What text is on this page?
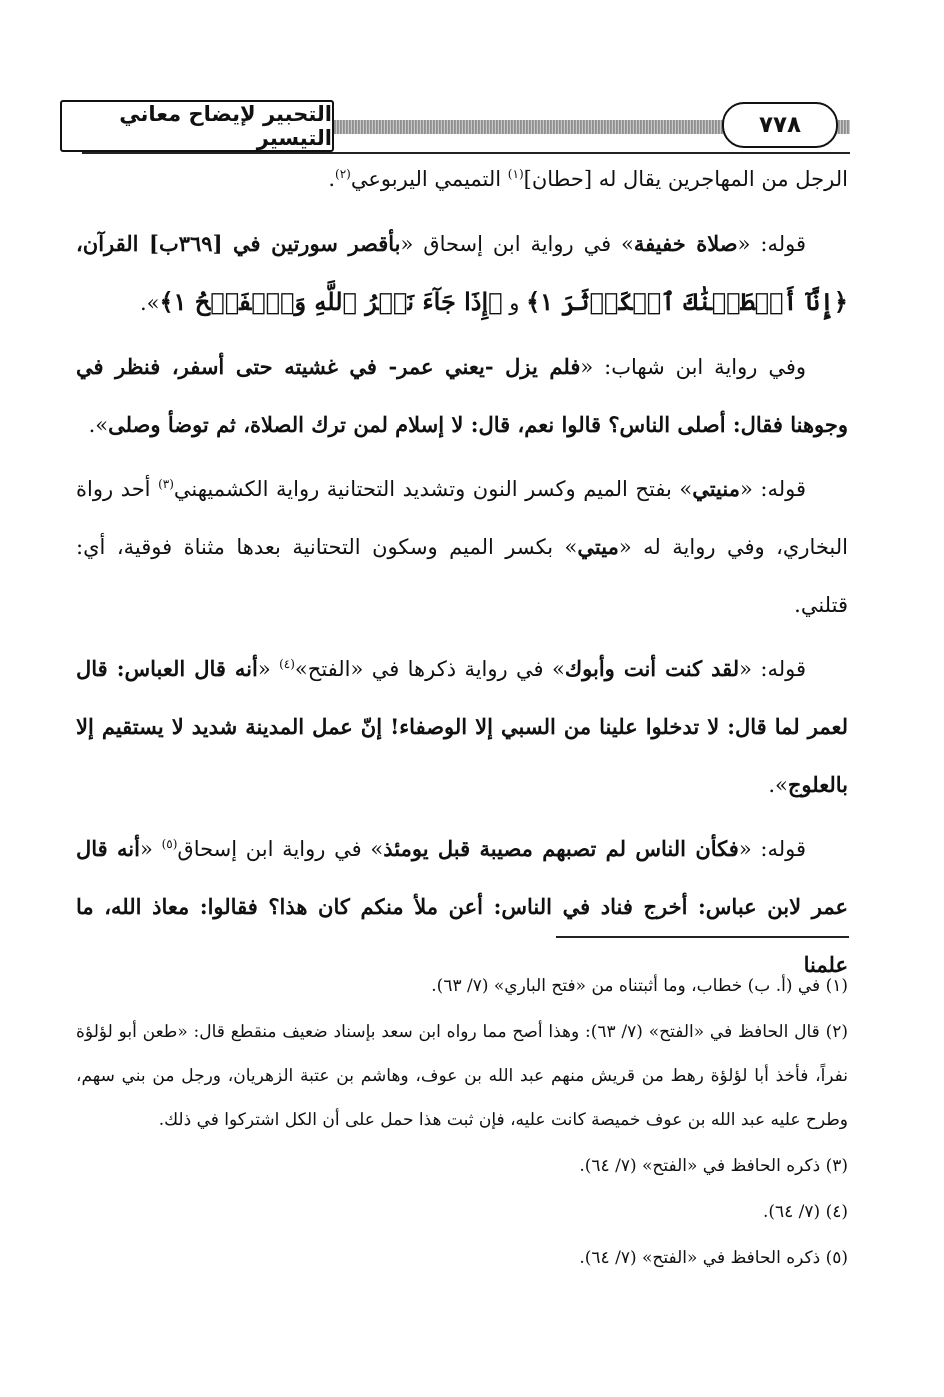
التحبير لإيضاح معاني التيسير	٧٧٨

الرجل من المهاجرين يقال له [حطان]$^{(١)}$ التميمي اليربوعي$^{(٢)}$.

قوله: «صلاة خفيفة» في رواية ابن إسحاق «بأقصر سورتين في [٣٦٩ب] القرآن، ﴿إِنَّآ أَعۡطَيۡنَٰكَ ٱلۡكَوۡثَرَ ١﴾ و ﴿إِذَا جَآءَ نَصۡرُ ٱللَّهِ وَٱلۡفَتۡحُ ١﴾».

وفي رواية ابن شهاب: «فلم يزل -يعني عمر- في غشيته حتى أسفر، فنظر في وجوهنا فقال: أصلى الناس؟ قالوا نعم، قال: لا إسلام لمن ترك الصلاة، ثم توضأ وصلى».

قوله: «منيتي» بفتح الميم وكسر النون وتشديد التحتانية رواية الكشميهني$^{(٣)}$ أحد رواة البخاري، وفي رواية له «ميتي» بكسر الميم وسكون التحتانية بعدها مثناة فوقية، أي: قتلني.

قوله: «لقد كنت أنت وأبوك» في رواية ذكرها في «الفتح»$^{(٤)}$ «أنه قال العباس: قال لعمر لما قال: لا تدخلوا علينا من السبي إلا الوصفاء! إنّ عمل المدينة شديد لا يستقيم إلا بالعلوج».

قوله: «فكأن الناس لم تصبهم مصيبة قبل يومئذ» في رواية ابن إسحاق$^{(٥)}$ «أنه قال عمر لابن عباس: أخرج فناد في الناس: أعن ملأ منكم كان هذا؟ فقالوا: معاذ الله، ما علمنا

(١) في (أ. ب) خطاب، وما أثبتناه من «فتح الباري» (٧/ ٦٣).

(٢) قال الحافظ في «الفتح» (٧/ ٦٣): وهذا أصح مما رواه ابن سعد بإسناد ضعيف منقطع قال: «طعن أبو لؤلؤة نفراً، فأخذ أبا لؤلؤة رهط من قريش منهم عبد الله بن عوف، وهاشم بن عتبة الزهريان، ورجل من بني سهم، وطرح عليه عبد الله بن عوف خميصة كانت عليه، فإن ثبت هذا حمل على أن الكل اشتركوا في ذلك.

(٣) ذكره الحافظ في «الفتح» (٧/ ٦٤).

(٤) (٧/ ٦٤).

(٥) ذكره الحافظ في «الفتح» (٧/ ٦٤).
